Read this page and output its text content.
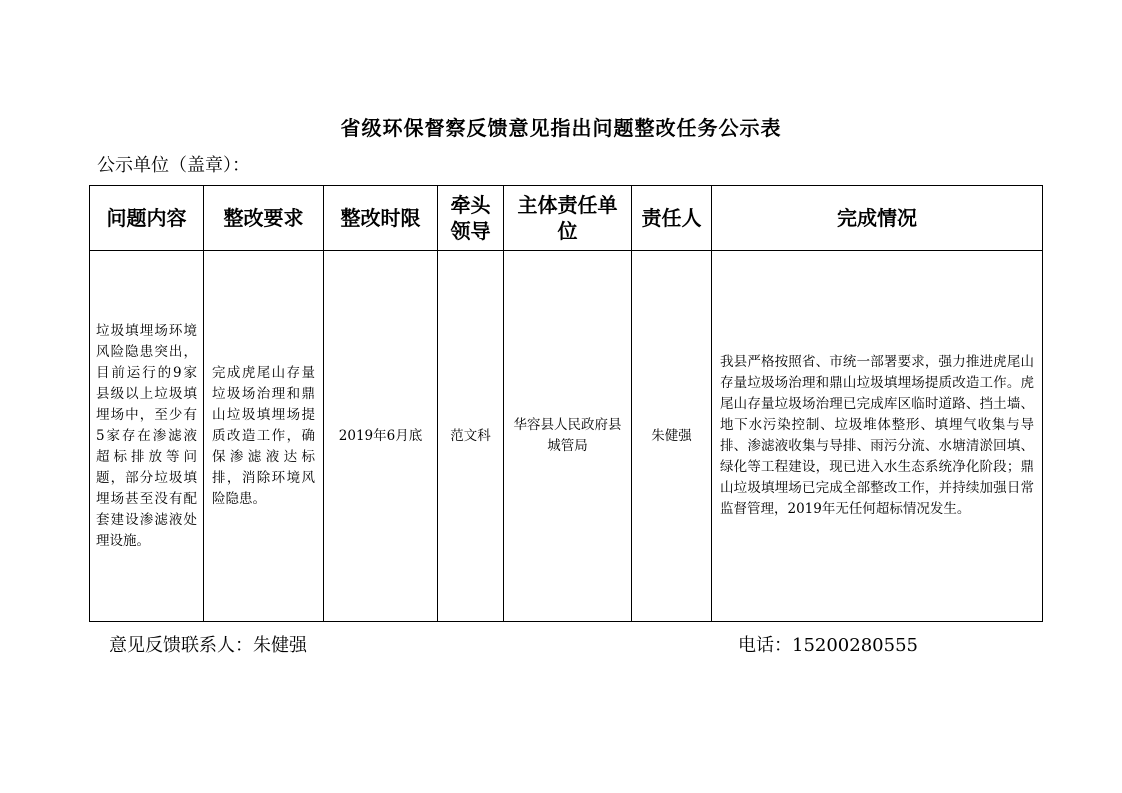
省级环保督察反馈意见指出问题整改任务公示表
公示单位（盖章）：
问题内容	整改要求	整改时限	牵头领导	主体责任单位	责任人	完成情况

垃圾填埋场环境风险隐患突出，目前运行的9家县级以上垃圾填埋场中，至少有5家存在渗滤液超标排放等问题，部分垃圾填埋场甚至没有配套建设渗滤液处理设施。	完成虎尾山存量垃圾场治理和鼎山垃圾填埋场提质改造工作，确保渗滤液达标排，消除环境风险隐患。	2019年6月底	范文科	华容县人民政府县城管局	朱健强	我县严格按照省、市统一部署要求，强力推进虎尾山存量垃圾场治理和鼎山垃圾填埋场提质改造工作。虎尾山存量垃圾场治理已完成库区临时道路、挡土墙、地下水污染控制、垃圾堆体整形、填埋气收集与导排、渗滤液收集与导排、雨污分流、水塘清淤回填、绿化等工程建设，现已进入水生态系统净化阶段；鼎山垃圾填埋场已完成全部整改工作，并持续加强日常监督管理，2019年无任何超标情况发生。
意见反馈联系人：朱健强	电话：15200280555
